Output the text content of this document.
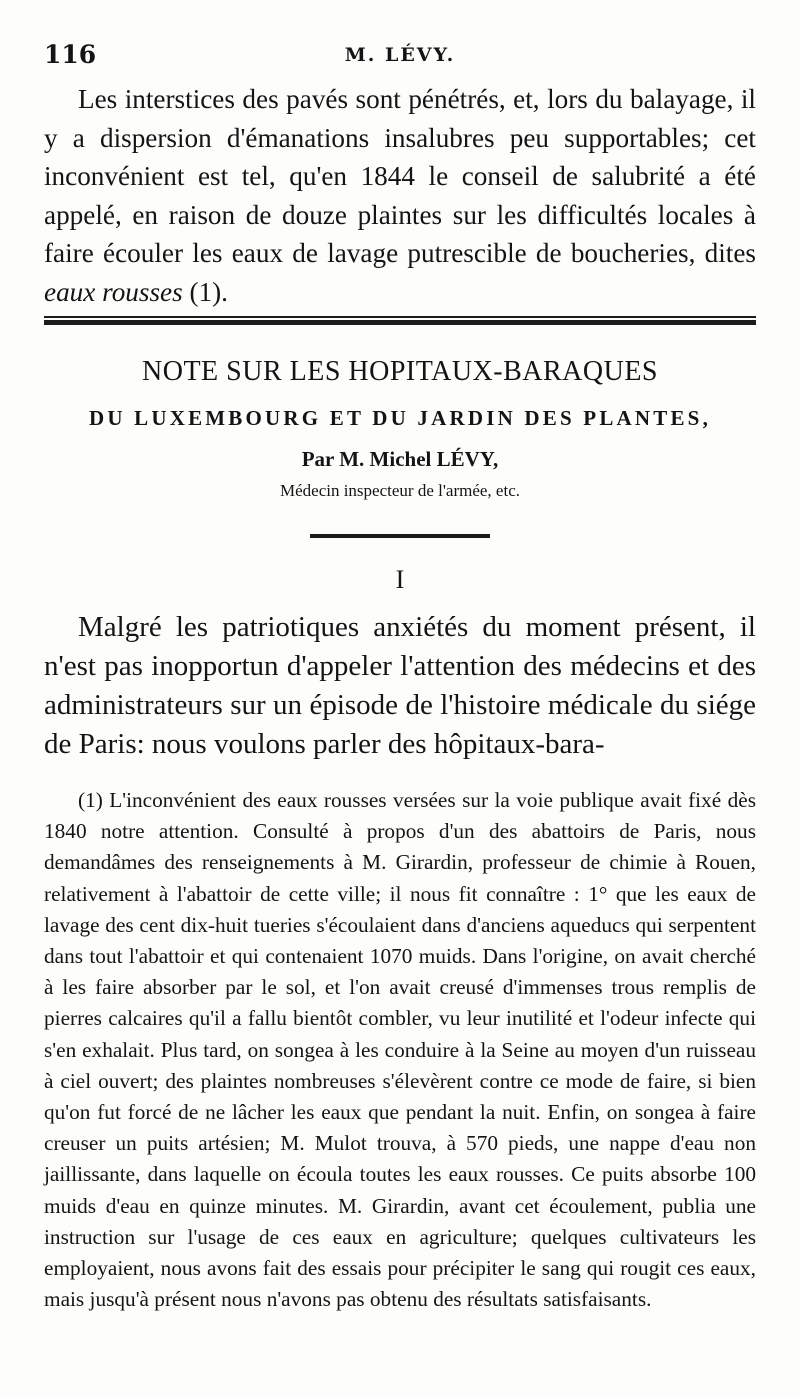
116	M. LÉVY.

Les interstices des pavés sont pénétrés, et, lors du balayage, il y a dispersion d'émanations insalubres peu supportables; cet inconvénient est tel, qu'en 1844 le conseil de salubrité a été appelé, en raison de douze plaintes sur les difficultés locales à faire écouler les eaux de lavage putrescible de boucheries, dites eaux rousses (1).

NOTE SUR LES HOPITAUX-BARAQUES
DU LUXEMBOURG ET DU JARDIN DES PLANTES,
Par M. Michel LÉVY,
Médecin inspecteur de l'armée, etc.
I

Malgré les patriotiques anxiétés du moment présent, il n'est pas inopportun d'appeler l'attention des médecins et des administrateurs sur un épisode de l'histoire médicale du siége de Paris: nous voulons parler des hôpitaux-bara-

(1) L'inconvénient des eaux rousses versées sur la voie publique avait fixé dès 1840 notre attention. Consulté à propos d'un des abattoirs de Paris, nous demandâmes des renseignements à M. Girardin, professeur de chimie à Rouen, relativement à l'abattoir de cette ville; il nous fit connaître : 1° que les eaux de lavage des cent dix-huit tueries s'écoulaient dans d'anciens aqueducs qui serpentent dans tout l'abattoir et qui contenaient 1070 muids. Dans l'origine, on avait cherché à les faire absorber par le sol, et l'on avait creusé d'immenses trous remplis de pierres calcaires qu'il a fallu bientôt combler, vu leur inutilité et l'odeur infecte qui s'en exhalait. Plus tard, on songea à les conduire à la Seine au moyen d'un ruisseau à ciel ouvert; des plaintes nombreuses s'élevèrent contre ce mode de faire, si bien qu'on fut forcé de ne lâcher les eaux que pendant la nuit. Enfin, on songea à faire creuser un puits artésien; M. Mulot trouva, à 570 pieds, une nappe d'eau non jaillissante, dans laquelle on écoula toutes les eaux rousses. Ce puits absorbe 100 muids d'eau en quinze minutes. M. Girardin, avant cet écoulement, publia une instruction sur l'usage de ces eaux en agriculture; quelques cultivateurs les employaient, nous avons fait des essais pour précipiter le sang qui rougit ces eaux, mais jusqu'à présent nous n'avons pas obtenu des résultats satisfaisants.
